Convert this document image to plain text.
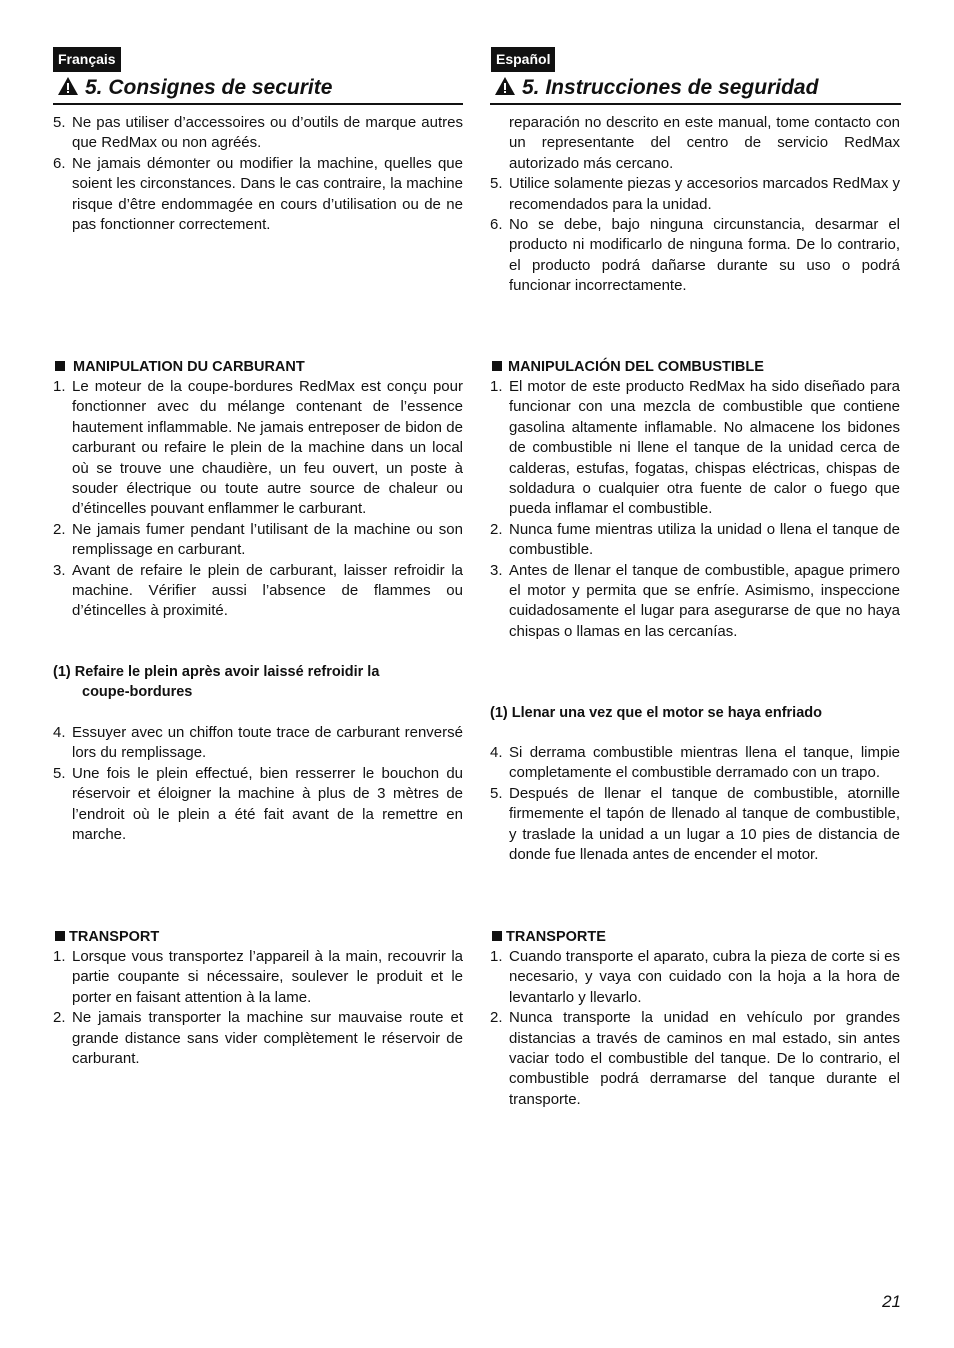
Français	Español
5. Consignes de securite	5. Instrucciones de seguridad
5. Ne pas utiliser d’accessoires ou d’outils de marque autres que RedMax ou non agréés.
6. Ne jamais démonter ou modifier la machine, quelles que soient les circonstances. Dans le cas contraire, la machine risque d’être endommagée en cours d’utilisation ou de ne pas fonctionner correctement.
MANIPULATION DU CARBURANT
1. Le moteur de la coupe-bordures RedMax est conçu pour fonctionner avec du mélange contenant de l’essence hautement inflammable. Ne jamais entreposer de bidon de carburant ou refaire le plein de la machine dans un local où se trouve une chaudière, un feu ouvert, un poste à souder électrique ou toute autre source de chaleur ou d’étincelles pouvant enflammer le carburant.
2. Ne jamais fumer pendant l’utilisant de la machine ou son remplissage en carburant.
3. Avant de refaire le plein de carburant, laisser refroidir la machine. Vérifier aussi l’absence de flammes ou d’étincelles à proximité.
(1) Refaire le plein après avoir laissé refroidir la
coupe-bordures
4. Essuyer avec un chiffon toute trace de carburant renversé lors du remplissage.
5. Une fois le plein effectué, bien resserrer le bouchon du réservoir et éloigner la machine à plus de 3 mètres de l’endroit où le plein a été fait avant de la remettre en marche.
TRANSPORT
1. Lorsque vous transportez l’appareil à la main, recouvrir la partie coupante si nécessaire, soulever le produit et le porter en faisant attention à la lame.
2. Ne jamais transporter la machine sur mauvaise route et grande distance sans vider complètement le réservoir de carburant.
reparación no descrito en este manual, tome contacto con un representante del centro de servicio RedMax autorizado más cercano.
5. Utilice solamente piezas y accesorios marcados RedMax y recomendados para la unidad.
6. No se debe, bajo ninguna circunstancia, desarmar el producto ni modificarlo de ninguna forma. De lo contrario, el producto podrá dañarse durante su uso o podrá funcionar incorrectamente.
MANIPULACIÓN DEL COMBUSTIBLE
1. El motor de este producto RedMax ha sido diseñado para funcionar con una mezcla de combustible que contiene gasolina altamente inflamable. No almacene los bidones de combustible ni llene el tanque de la unidad cerca de calderas, estufas, fogatas, chispas eléctricas, chispas de soldadura o cualquier otra fuente de calor o fuego que pueda inflamar el combustible.
2. Nunca fume mientras utiliza la unidad o llena el tanque de combustible.
3. Antes de llenar el tanque de combustible, apague primero el motor y permita que se enfríe. Asimismo, inspeccione cuidadosamente el lugar para asegurarse de que no haya chispas o llamas en las cercanías.
(1) Llenar una vez que el motor se haya enfriado
4. Si derrama combustible mientras llena el tanque, limpie completamente el combustible derramado con un trapo.
5. Después de llenar el tanque de combustible, atornille firmemente el tapón de llenado al tanque de combustible, y traslade la unidad a un lugar a 10 pies de distancia de donde fue llenada antes de encender el motor.
TRANSPORTE
1. Cuando transporte el aparato, cubra la pieza de corte si es necesario, y vaya con cuidado con la hoja a la hora de levantarlo y llevarlo.
2. Nunca transporte la unidad en vehículo por grandes distancias a través de caminos en mal estado, sin antes vaciar todo el combustible del tanque. De lo contrario, el combustible podrá derramarse del tanque durante el transporte.
21
